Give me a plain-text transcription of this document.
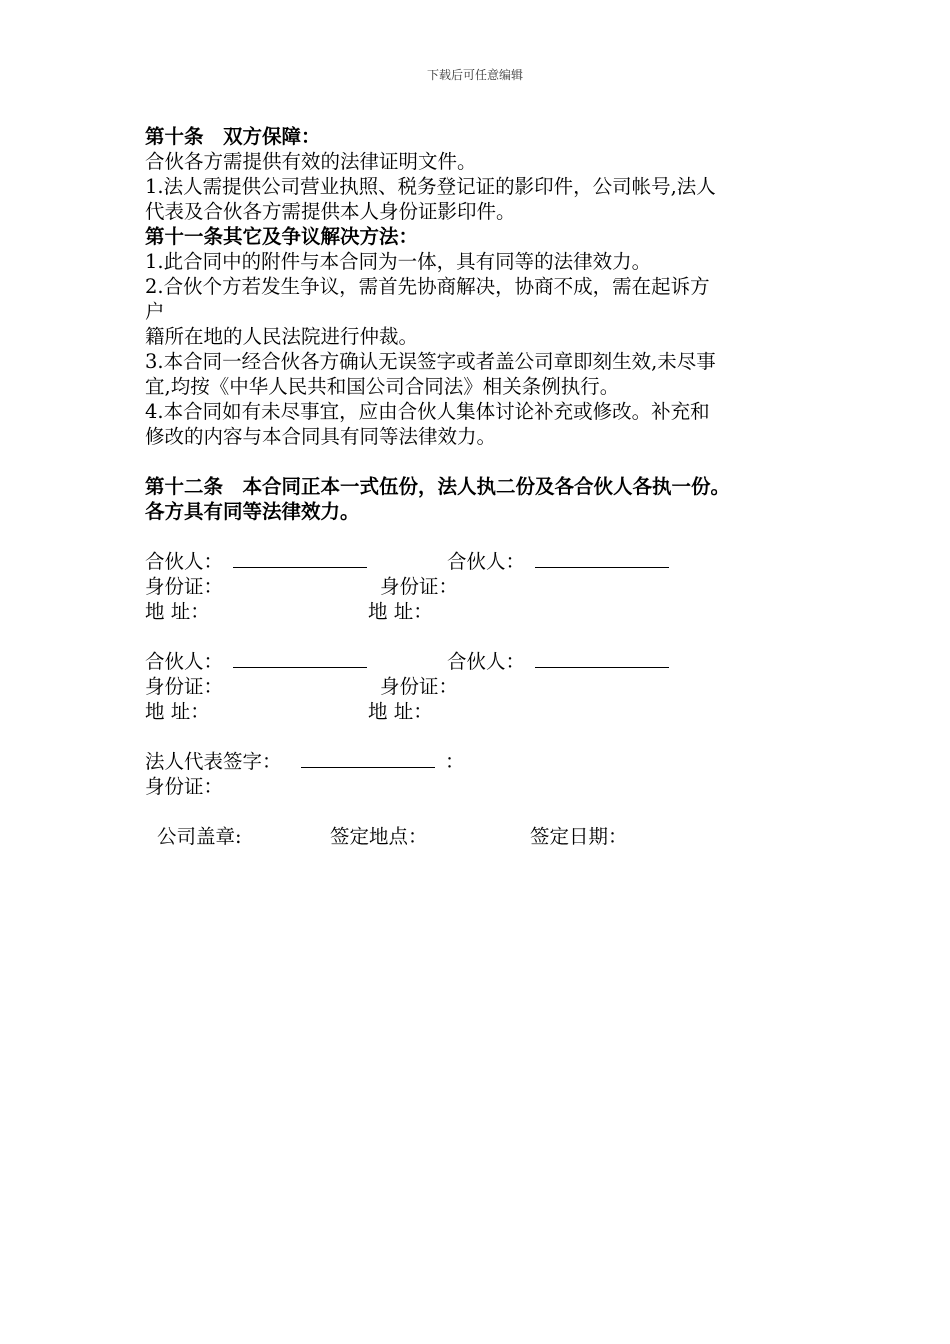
下载后可任意编辑
第十条　双方保障：
合伙各方需提供有效的法律证明文件。
1.法人需提供公司营业执照、税务登记证的影印件，公司帐号,法人
代表及合伙各方需提供本人身份证影印件。
第十一条其它及争议解决方法：
1.此合同中的附件与本合同为一体，具有同等的法律效力。
2.合伙个方若发生争议，需首先协商解决，协商不成，需在起诉方
户
籍所在地的人民法院进行仲裁。
3.本合同一经合伙各方确认无误签字或者盖公司章即刻生效,未尽事
宜,均按《中华人民共和国公司合同法》相关条例执行。
4.本合同如有未尽事宜，应由合伙人集体讨论补充或修改。补充和
修改的内容与本合同具有同等法律效力。
第十二条　本合同正本一式伍份，法人执二份及各合伙人各执一份。
各方具有同等法律效力。
合伙人：	合伙人：
身份证：	身份证：
地 址：	地 址：
合伙人：	合伙人：
身份证：	身份证：
地 址：	地 址：
法人代表签字：	：
身份证：
公司盖章:	签定地点：	签定日期：
